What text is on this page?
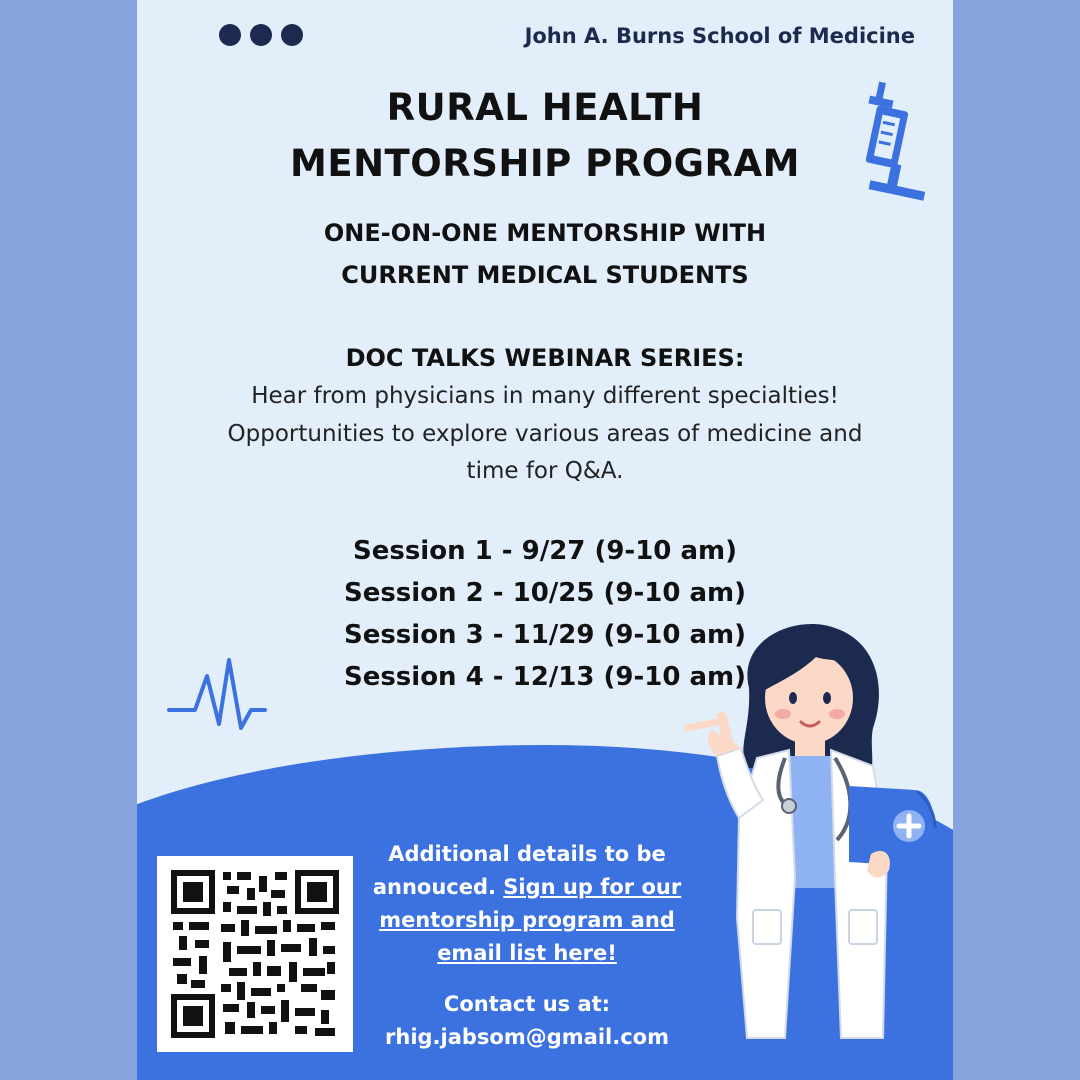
John A. Burns School of Medicine
RURAL HEALTH
MENTORSHIP PROGRAM
ONE-ON-ONE MENTORSHIP WITH
CURRENT MEDICAL STUDENTS
DOC TALKS WEBINAR SERIES:
Hear from physicians in many different specialties! Opportunities to explore various areas of medicine and time for Q&A.
Session 1 - 9/27 (9-10 am)
Session 2 - 10/25 (9-10 am)
Session 3 - 11/29 (9-10 am)
Session 4 - 12/13 (9-10 am)
Additional details to be annouced. Sign up for our mentorship program and email list here!
Contact us at:
rhig.jabsom@gmail.com
